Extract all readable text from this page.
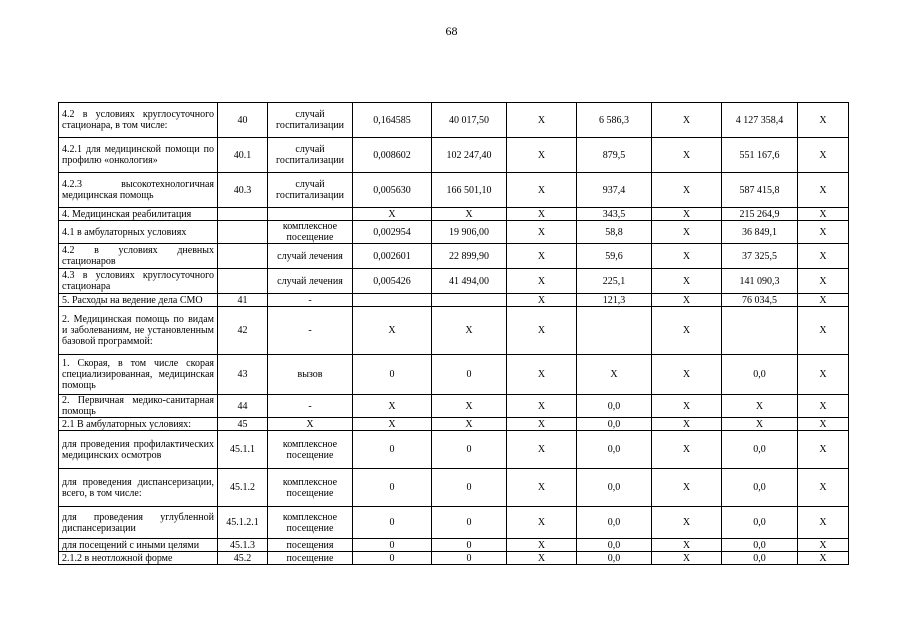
68
4.2 в условиях круглосуточного стационара, в том числе:	40	случай госпитализации	0,164585	40 017,50	Х	6 586,3	Х	4 127 358,4	Х
4.2.1 для медицинской помощи по профилю «онкология»	40.1	случай госпитализации	0,008602	102 247,40	Х	879,5	Х	551 167,6	Х
4.2.3 высокотехнологичная медицинская помощь	40.3	случай госпитализации	0,005630	166 501,10	Х	937,4	Х	587 415,8	Х
4. Медицинская реабилитация			Х	Х	Х	343,5	Х	215 264,9	Х
4.1 в амбулаторных условиях		комплексное посещение	0,002954	19 906,00	Х	58,8	Х	36 849,1	Х
4.2 в условиях дневных стационаров		случай лечения	0,002601	22 899,90	Х	59,6	Х	37 325,5	Х
4.3 в условиях круглосуточного стационара		случай лечения	0,005426	41 494,00	Х	225,1	Х	141 090,3	Х
5. Расходы на ведение дела СМО	41	-			Х	121,3	Х	76 034,5	Х
2. Медицинская помощь по видам и заболеваниям, не установленным базовой программой:	42	-	Х	Х	Х		Х		Х
1. Скорая, в том числе скорая специализированная, медицинская помощь	43	вызов	0	0	Х	Х	Х	0,0	Х
2. Первичная медико-санитарная помощь	44	-	Х	Х	Х	0,0	Х	Х	Х
2.1 В амбулаторных условиях:	45	Х	Х	Х	Х	0,0	Х	Х	Х
для проведения профилактических медицинских осмотров	45.1.1	комплексное посещение	0	0	Х	0,0	Х	0,0	Х
для проведения диспансеризации, всего, в том числе:	45.1.2	комплексное посещение	0	0	Х	0,0	Х	0,0	Х
для проведения углубленной диспансеризации	45.1.2.1	комплексное посещение	0	0	Х	0,0	Х	0,0	Х
для посещений с иными целями	45.1.3	посещения	0	0	Х	0,0	Х	0,0	Х
2.1.2 в неотложной форме	45.2	посещение	0	0	Х	0,0	Х	0,0	Х
